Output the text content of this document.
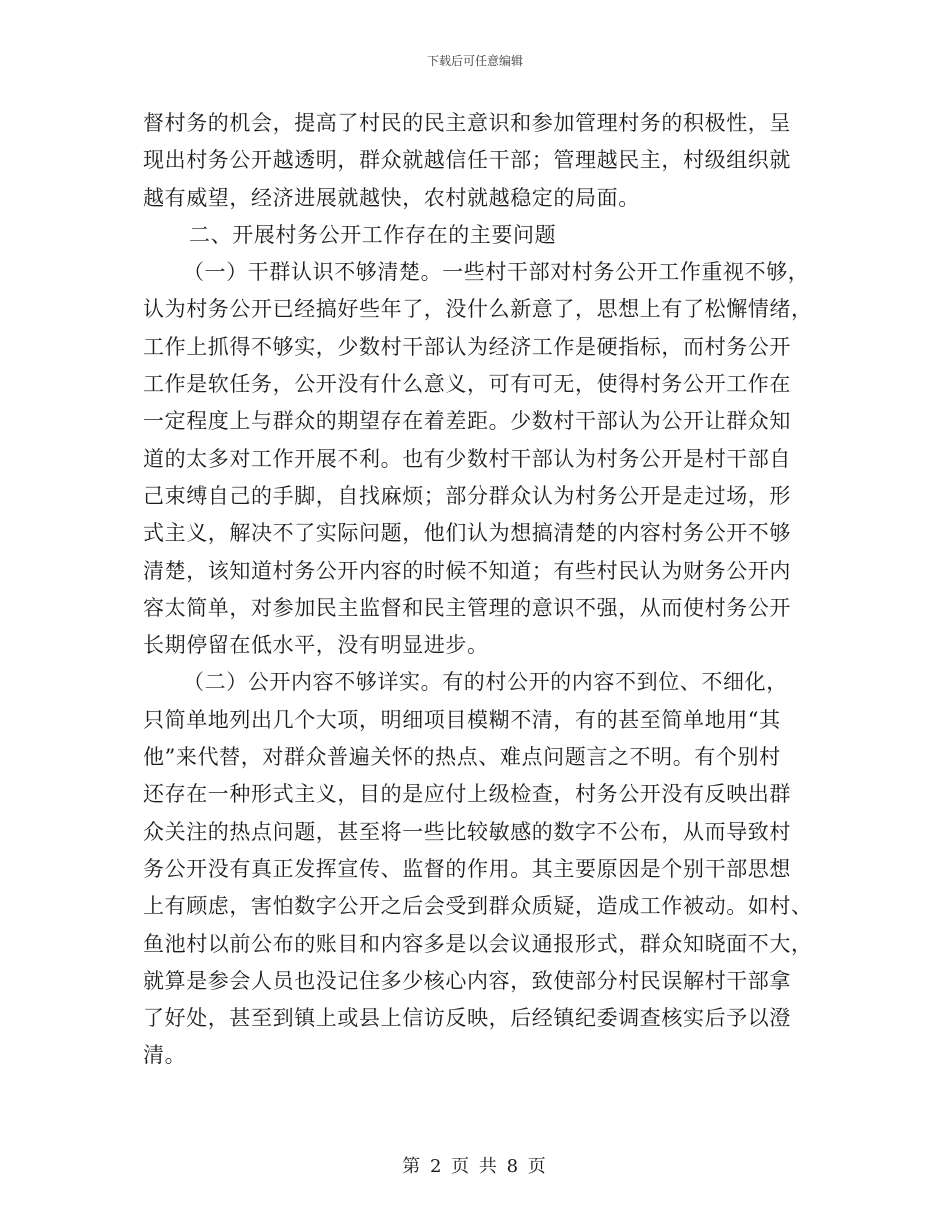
下载后可任意编辑
督村务的机会，提高了村民的民主意识和参加管理村务的积极性，呈
现出村务公开越透明，群众就越信任干部；管理越民主，村级组织就
越有威望，经济进展就越快，农村就越稳定的局面。
二、开展村务公开工作存在的主要问题
（一）干群认识不够清楚。一些村干部对村务公开工作重视不够，
认为村务公开已经搞好些年了，没什么新意了，思想上有了松懈情绪，
工作上抓得不够实，少数村干部认为经济工作是硬指标，而村务公开
工作是软任务，公开没有什么意义，可有可无，使得村务公开工作在
一定程度上与群众的期望存在着差距。少数村干部认为公开让群众知
道的太多对工作开展不利。也有少数村干部认为村务公开是村干部自
己束缚自己的手脚，自找麻烦；部分群众认为村务公开是走过场，形
式主义，解决不了实际问题，他们认为想搞清楚的内容村务公开不够
清楚，该知道村务公开内容的时候不知道；有些村民认为财务公开内
容太简单，对参加民主监督和民主管理的意识不强，从而使村务公开
长期停留在低水平，没有明显进步。
（二）公开内容不够详实。有的村公开的内容不到位、不细化，
只简单地列出几个大项，明细项目模糊不清，有的甚至简单地用“其
他”来代替，对群众普遍关怀的热点、难点问题言之不明。有个别村
还存在一种形式主义，目的是应付上级检查，村务公开没有反映出群
众关注的热点问题，甚至将一些比较敏感的数字不公布，从而导致村
务公开没有真正发挥宣传、监督的作用。其主要原因是个别干部思想
上有顾虑，害怕数字公开之后会受到群众质疑，造成工作被动。如村、
鱼池村以前公布的账目和内容多是以会议通报形式，群众知晓面不大，
就算是参会人员也没记住多少核心内容，致使部分村民误解村干部拿
了好处，甚至到镇上或县上信访反映，后经镇纪委调查核实后予以澄
清。
第 2 页 共 8 页
